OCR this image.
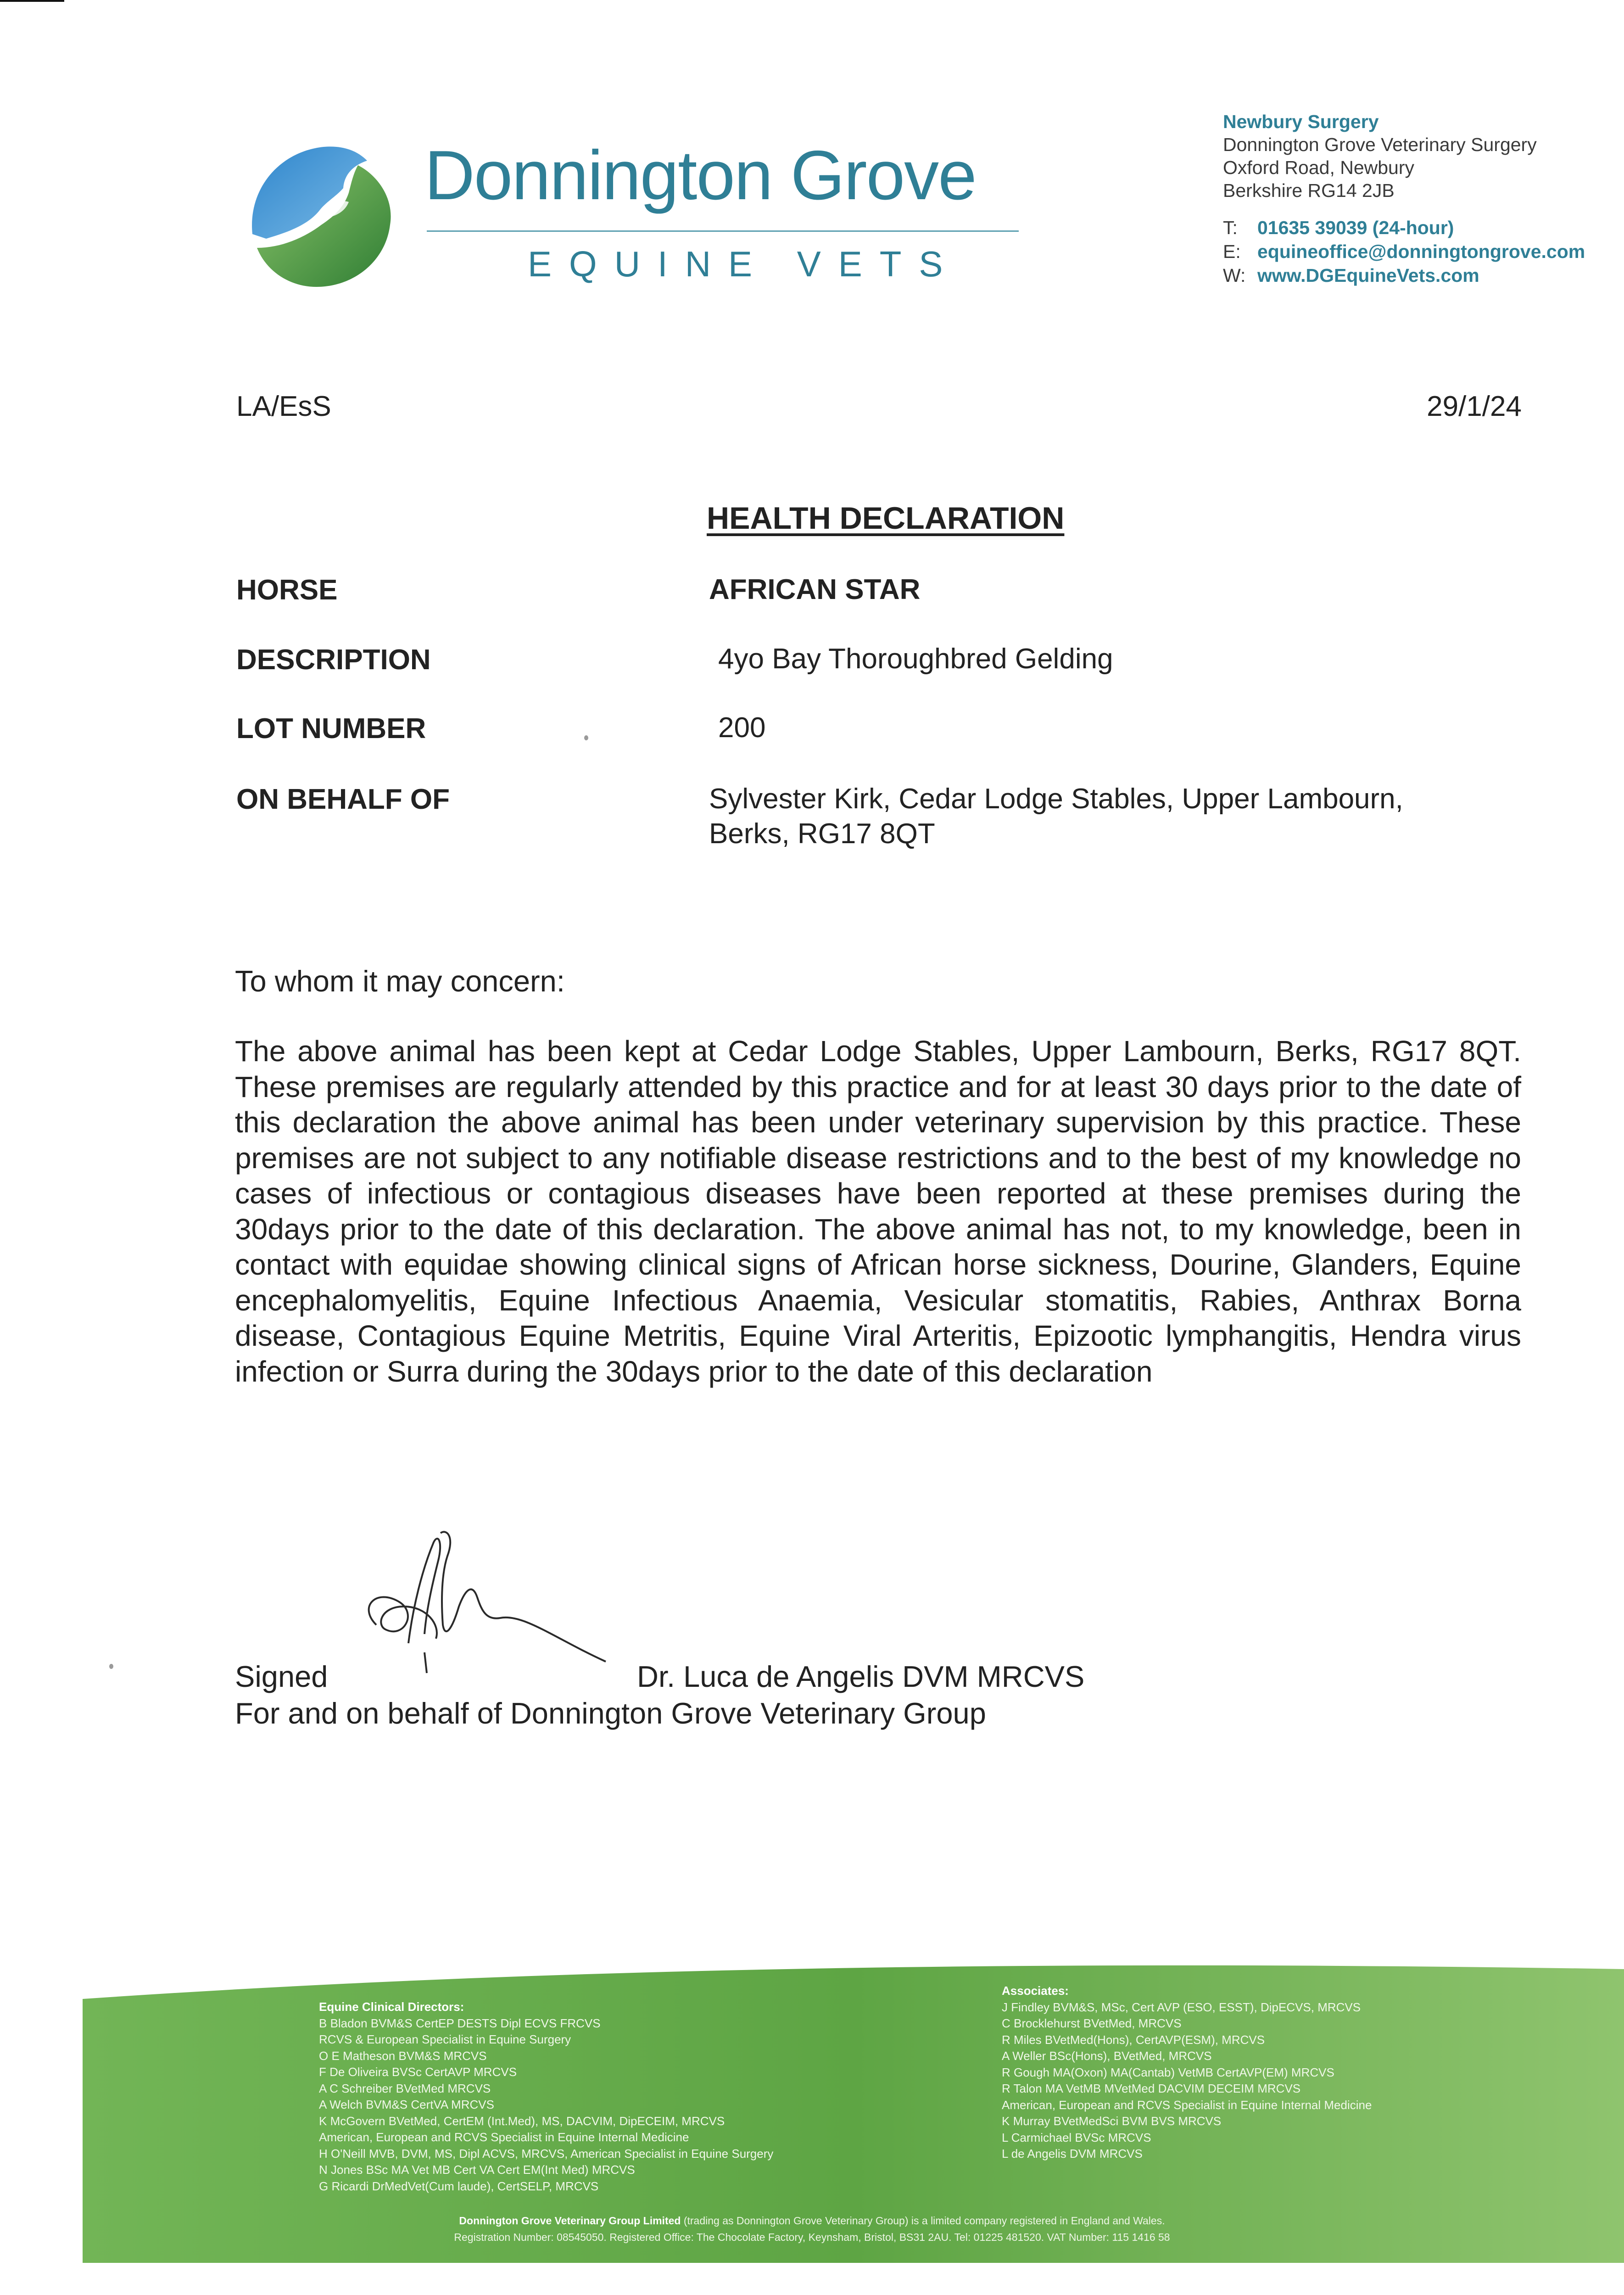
Donnington Grove
EQUINE VETS
Newbury Surgery
Donnington Grove Veterinary Surgery
Oxford Road, Newbury
Berkshire RG14 2JB
T:	01635 39039 (24-hour)
E: equineoffice@donningtongrove.com
W: www.DGEquineVets.com
LA/EsS	29/1/24
HEALTH DECLARATION
HORSE	AFRICAN STAR
DESCRIPTION	4yo Bay Thoroughbred Gelding
LOT NUMBER	200
ON BEHALF OF	Sylvester Kirk, Cedar Lodge Stables, Upper Lambourn, Berks, RG17 8QT
To whom it may concern:
The above animal has been kept at Cedar Lodge Stables, Upper Lambourn, Berks, RG17 8QT. These premises are regularly attended by this practice and for at least 30 days prior to the date of this declaration the above animal has been under veterinary supervision by this practice. These premises are not subject to any notifiable disease restrictions and to the best of my knowledge no cases of infectious or contagious diseases have been reported at these premises during the 30days prior to the date of this declaration. The above animal has not, to my knowledge, been in contact with equidae showing clinical signs of African horse sickness, Dourine, Glanders, Equine encephalomyelitis, Equine Infectious Anaemia, Vesicular stomatitis, Rabies, Anthrax Borna disease, Contagious Equine Metritis, Equine Viral Arteritis, Epizootic lymphangitis, Hendra virus infection or Surra during the 30days prior to the date of this declaration
Signed	Dr. Luca de Angelis DVM MRCVS
For and on behalf of Donnington Grove Veterinary Group
Equine Clinical Directors:
B Bladon BVM&S CertEP DESTS Dipl ECVS FRCVS
RCVS & European Specialist in Equine Surgery
O E Matheson BVM&S MRCVS
F De Oliveira BVSc CertAVP MRCVS
A C Schreiber BVetMed MRCVS
A Welch BVM&S CertVA MRCVS
K McGovern BVetMed, CertEM (Int.Med), MS, DACVIM, DipECEIM, MRCVS
American, European and RCVS Specialist in Equine Internal Medicine
H O'Neill MVB, DVM, MS, Dipl ACVS, MRCVS, American Specialist in Equine Surgery
N Jones BSc MA Vet MB Cert VA Cert EM(Int Med) MRCVS
G Ricardi DrMedVet(Cum laude), CertSELP, MRCVS
Associates:
J Findley BVM&S, MSc, Cert AVP (ESO, ESST), DipECVS, MRCVS
C Brocklehurst BVetMed, MRCVS
R Miles BVetMed(Hons), CertAVP(ESM), MRCVS
A Weller BSc(Hons), BVetMed, MRCVS
R Gough MA(Oxon) MA(Cantab) VetMB CertAVP(EM) MRCVS
R Talon MA VetMB MVetMed DACVIM DECEIM MRCVS
American, European and RCVS Specialist in Equine Internal Medicine
K Murray BVetMedSci BVM BVS MRCVS
L Carmichael BVSc MRCVS
L de Angelis DVM MRCVS
Donnington Grove Veterinary Group Limited (trading as Donnington Grove Veterinary Group) is a limited company registered in England and Wales.
Registration Number: 08545050. Registered Office: The Chocolate Factory, Keynsham, Bristol, BS31 2AU. Tel: 01225 481520. VAT Number: 115 1416 58
